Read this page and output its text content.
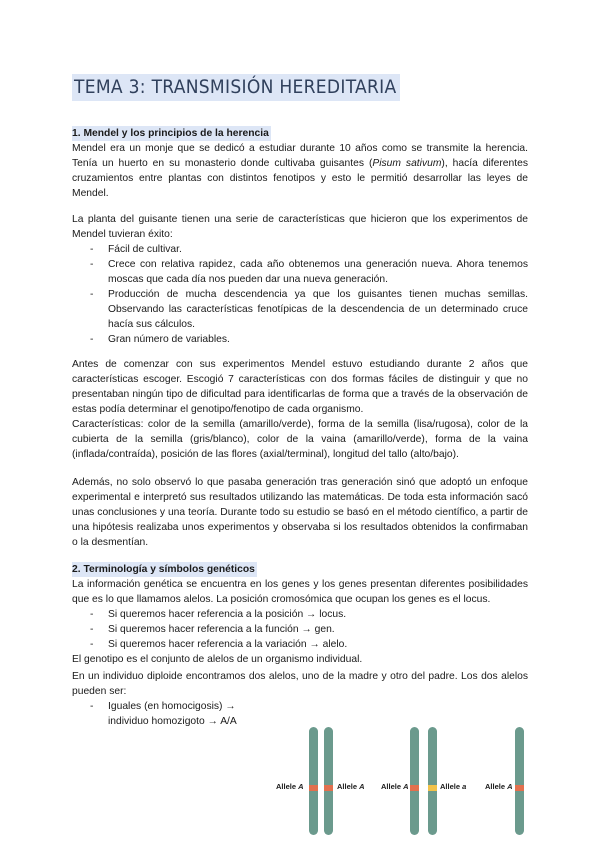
TEMA 3: TRANSMISIÓN HEREDITARIA
1. Mendel y los principios de la herencia

Mendel era un monje que se dedicó a estudiar durante 10 años como se transmite la herencia. Tenía un huerto en su monasterio donde cultivaba guisantes (Pisum sativum), hacía diferentes cruzamientos entre plantas con distintos fenotipos y esto le permitió desarrollar las leyes de Mendel.

La planta del guisante tienen una serie de características que hicieron que los experimentos de Mendel tuvieran éxito:

- Fácil de cultivar.
- Crece con relativa rapidez, cada año obtenemos una generación nueva. Ahora tenemos moscas que cada día nos pueden dar una nueva generación.
- Producción de mucha descendencia ya que los guisantes tienen muchas semillas. Observando las características fenotípicas de la descendencia de un determinado cruce hacía sus cálculos.
- Gran número de variables.

Antes de comenzar con sus experimentos Mendel estuvo estudiando durante 2 años que características escoger. Escogió 7 características con dos formas fáciles de distinguir y que no presentaban ningún tipo de dificultad para identificarlas de forma que a través de la observación de estas podía determinar el genotipo/fenotipo de cada organismo.

Características: color de la semilla (amarillo/verde), forma de la semilla (lisa/rugosa), color de la cubierta de la semilla (gris/blanco), color de la vaina (amarillo/verde), forma de la vaina (inflada/contraída), posición de las flores (axial/terminal), longitud del tallo (alto/bajo).

Además, no solo observó lo que pasaba generación tras generación sinó que adoptó un enfoque experimental e interpretó sus resultados utilizando las matemáticas. De toda esta información sacó unas conclusiones y una teoría. Durante todo su estudio se basó en el método científico, a partir de una hipótesis realizaba unos experimentos y observaba si los resultados obtenidos la confirmaban o la desmentían.

2. Terminología y símbolos genéticos

La información genética se encuentra en los genes y los genes presentan diferentes posibilidades que es lo que llamamos alelos. La posición cromosómica que ocupan los genes es el locus.

- Si queremos hacer referencia a la posición → locus.
- Si queremos hacer referencia a la función → gen.
- Si queremos hacer referencia a la variación → alelo.

El genotipo es el conjunto de alelos de un organismo individual.

En un individuo diploide encontramos dos alelos, uno de la madre y otro del padre. Los dos alelos pueden ser:

- Iguales (en homocigosis) →
individuo homozigoto → A/A
Allele A	Allele A Allele A	Allele a Allele A
